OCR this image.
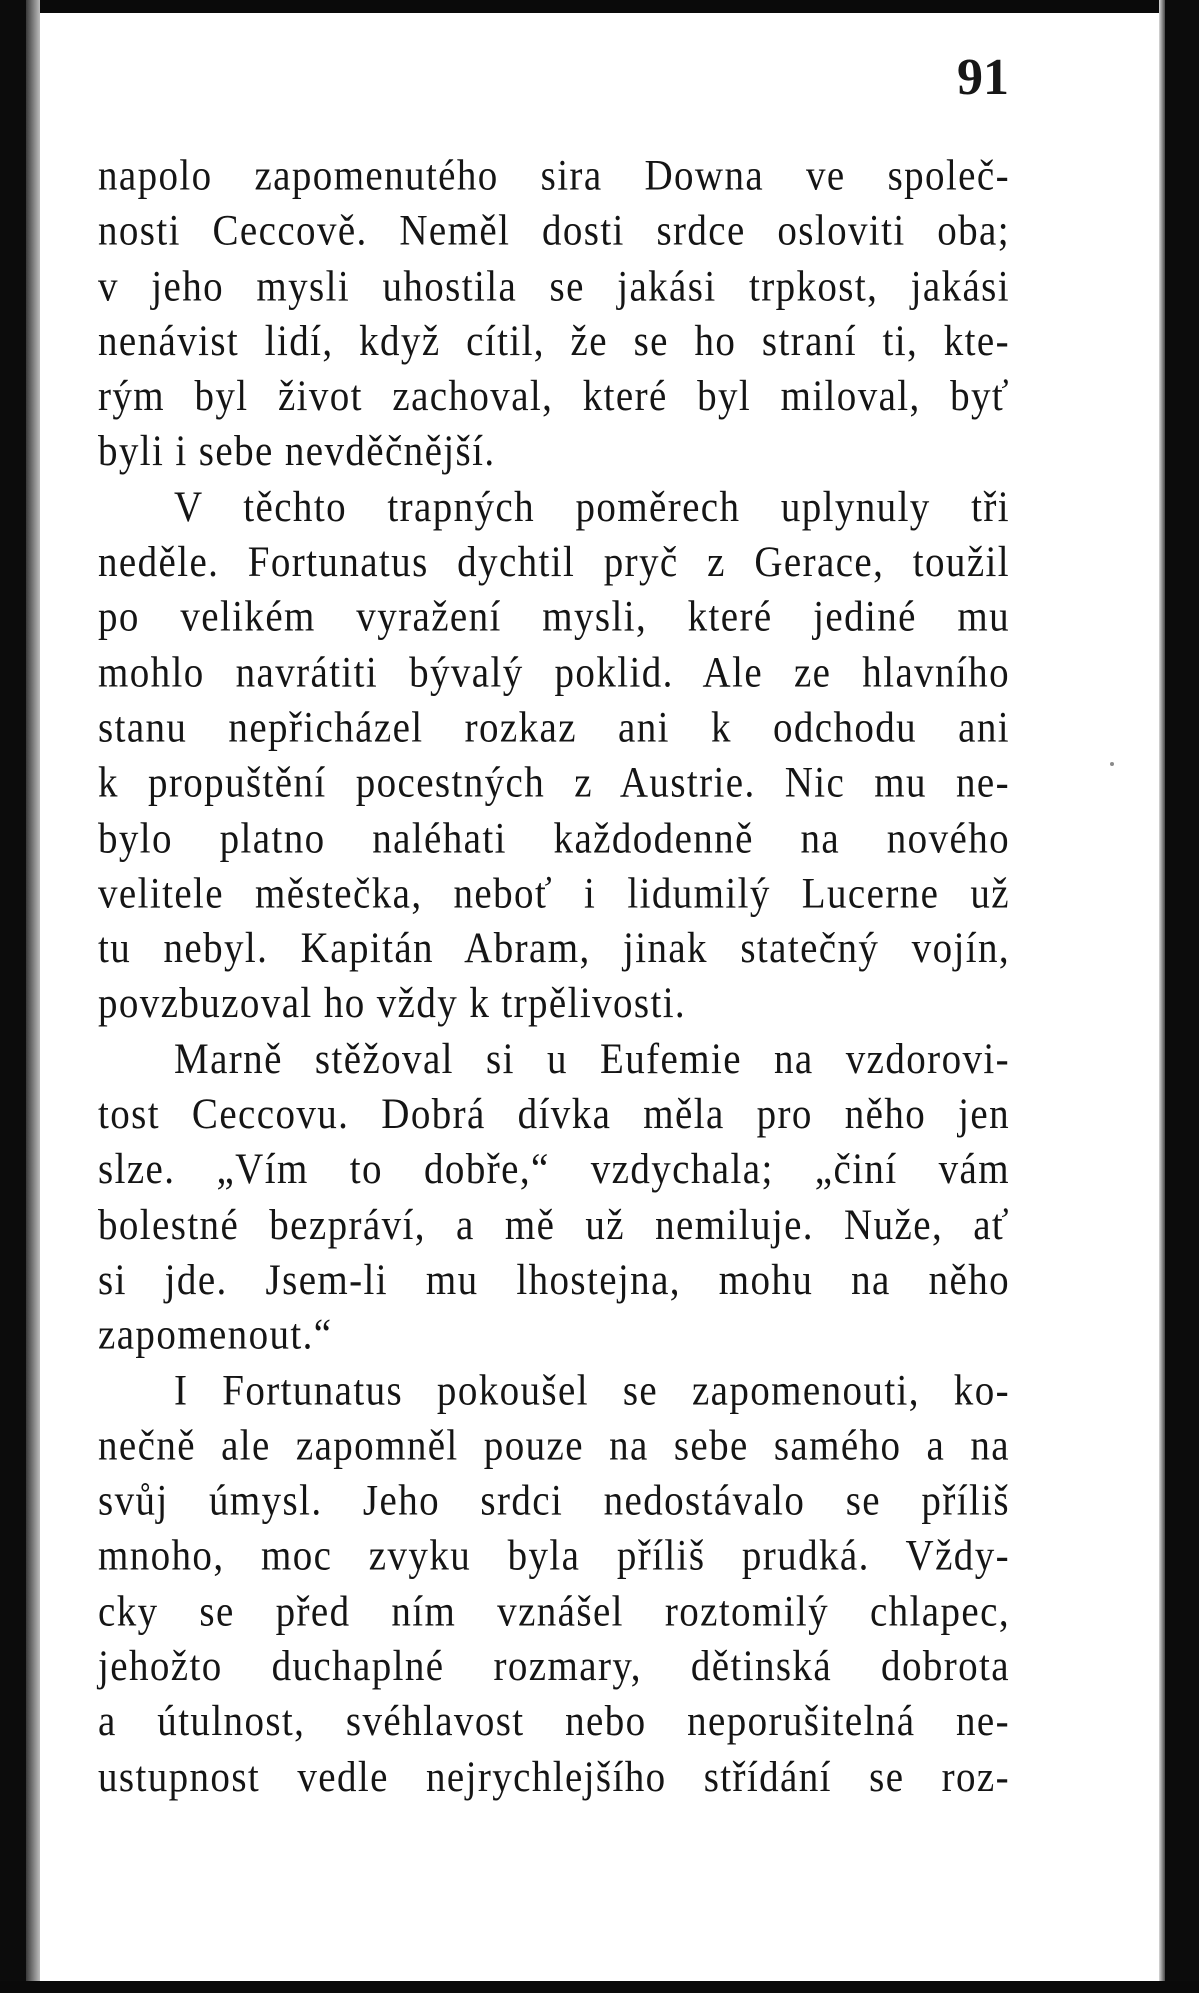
91
napolo zapomenutého sira Downa ve společ-
nosti Ceccově. Neměl dosti srdce osloviti oba;
v jeho mysli uhostila se jakási trpkost, jakási
nenávist lidí, když cítil, že se ho straní ti, kte-
rým byl život zachoval, které byl miloval, byť
byli i sebe nevděčnější.
V těchto trapných poměrech uplynuly tři
neděle. Fortunatus dychtil pryč z Gerace, toužil
po velikém vyražení mysli, které jediné mu
mohlo navrátiti bývalý poklid. Ale ze hlavního
stanu nepřicházel rozkaz ani k odchodu ani
k propuštění pocestných z Austrie. Nic mu ne-
bylo platno naléhati každodenně na nového
velitele městečka, neboť i lidumilý Lucerne už
tu nebyl. Kapitán Abram, jinak statečný vojín,
povzbuzoval ho vždy k trpělivosti.
Marně stěžoval si u Eufemie na vzdorovi-
tost Ceccovu. Dobrá dívka měla pro něho jen
slze. „Vím to dobře,“ vzdychala; „činí vám
bolestné bezpráví, a mě už nemiluje. Nuže, ať
si jde. Jsem-li mu lhostejna, mohu na něho
zapomenout.“
I Fortunatus pokoušel se zapomenouti, ko-
nečně ale zapomněl pouze na sebe samého a na
svůj úmysl. Jeho srdci nedostávalo se příliš
mnoho, moc zvyku byla příliš prudká. Vždy-
cky se před ním vznášel roztomilý chlapec,
jehožto duchaplné rozmary, dětinská dobrota
a útulnost, svéhlavost nebo neporušitelná ne-
ustupnost vedle nejrychlejšího střídání se roz-
